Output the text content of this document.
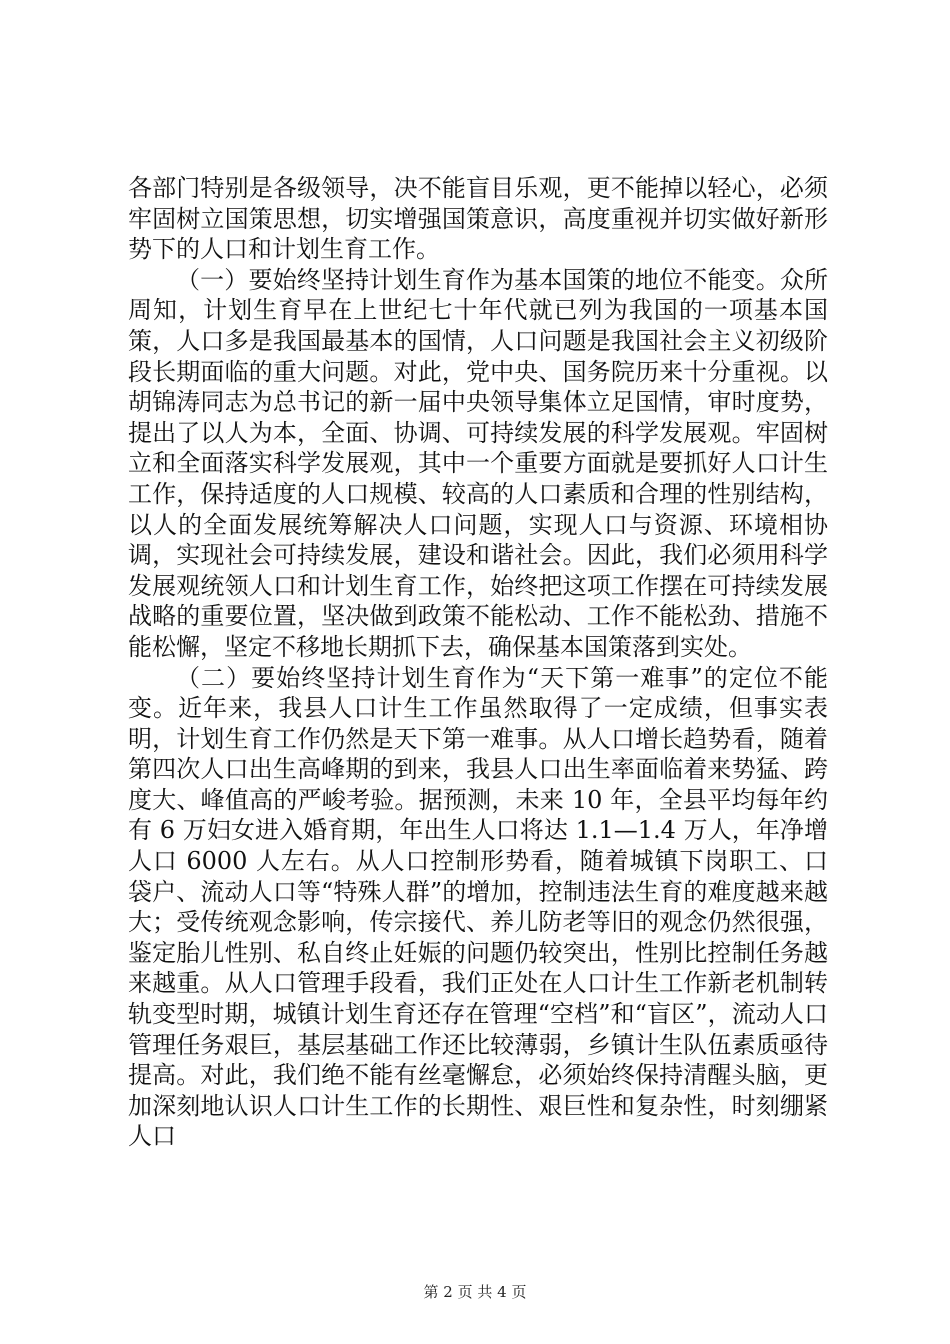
各部门特别是各级领导，决不能盲目乐观，更不能掉以轻心，必须牢固树立国策思想，切实增强国策意识，高度重视并切实做好新形势下的人口和计划生育工作。

（一）要始终坚持计划生育作为基本国策的地位不能变。众所周知，计划生育早在上世纪七十年代就已列为我国的一项基本国策，人口多是我国最基本的国情，人口问题是我国社会主义初级阶段长期面临的重大问题。对此，党中央、国务院历来十分重视。以胡锦涛同志为总书记的新一届中央领导集体立足国情，审时度势，提出了以人为本，全面、协调、可持续发展的科学发展观。牢固树立和全面落实科学发展观，其中一个重要方面就是要抓好人口计生工作，保持适度的人口规模、较高的人口素质和合理的性别结构，以人的全面发展统筹解决人口问题，实现人口与资源、环境相协调，实现社会可持续发展，建设和谐社会。因此，我们必须用科学发展观统领人口和计划生育工作，始终把这项工作摆在可持续发展战略的重要位置，坚决做到政策不能松动、工作不能松劲、措施不能松懈，坚定不移地长期抓下去，确保基本国策落到实处。

（二）要始终坚持计划生育作为“天下第一难事”的定位不能变。近年来，我县人口计生工作虽然取得了一定成绩，但事实表明，计划生育工作仍然是天下第一难事。从人口增长趋势看，随着第四次人口出生高峰期的到来，我县人口出生率面临着来势猛、跨度大、峰值高的严峻考验。据预测，未来 10 年，全县平均每年约有 6 万妇女进入婚育期，年出生人口将达 1.1—1.4 万人，年净增人口 6000 人左右。从人口控制形势看，随着城镇下岗职工、口袋户、流动人口等“特殊人群”的增加，控制违法生育的难度越来越大；受传统观念影响，传宗接代、养儿防老等旧的观念仍然很强，鉴定胎儿性别、私自终止妊娠的问题仍较突出，性别比控制任务越来越重。从人口管理手段看，我们正处在人口计生工作新老机制转轨变型时期，城镇计划生育还存在管理“空档”和“盲区”，流动人口管理任务艰巨，基层基础工作还比较薄弱，乡镇计生队伍素质亟待提高。对此，我们绝不能有丝毫懈怠，必须始终保持清醒头脑，更加深刻地认识人口计生工作的长期性、艰巨性和复杂性，时刻绷紧人口

第 2 页 共 4 页
